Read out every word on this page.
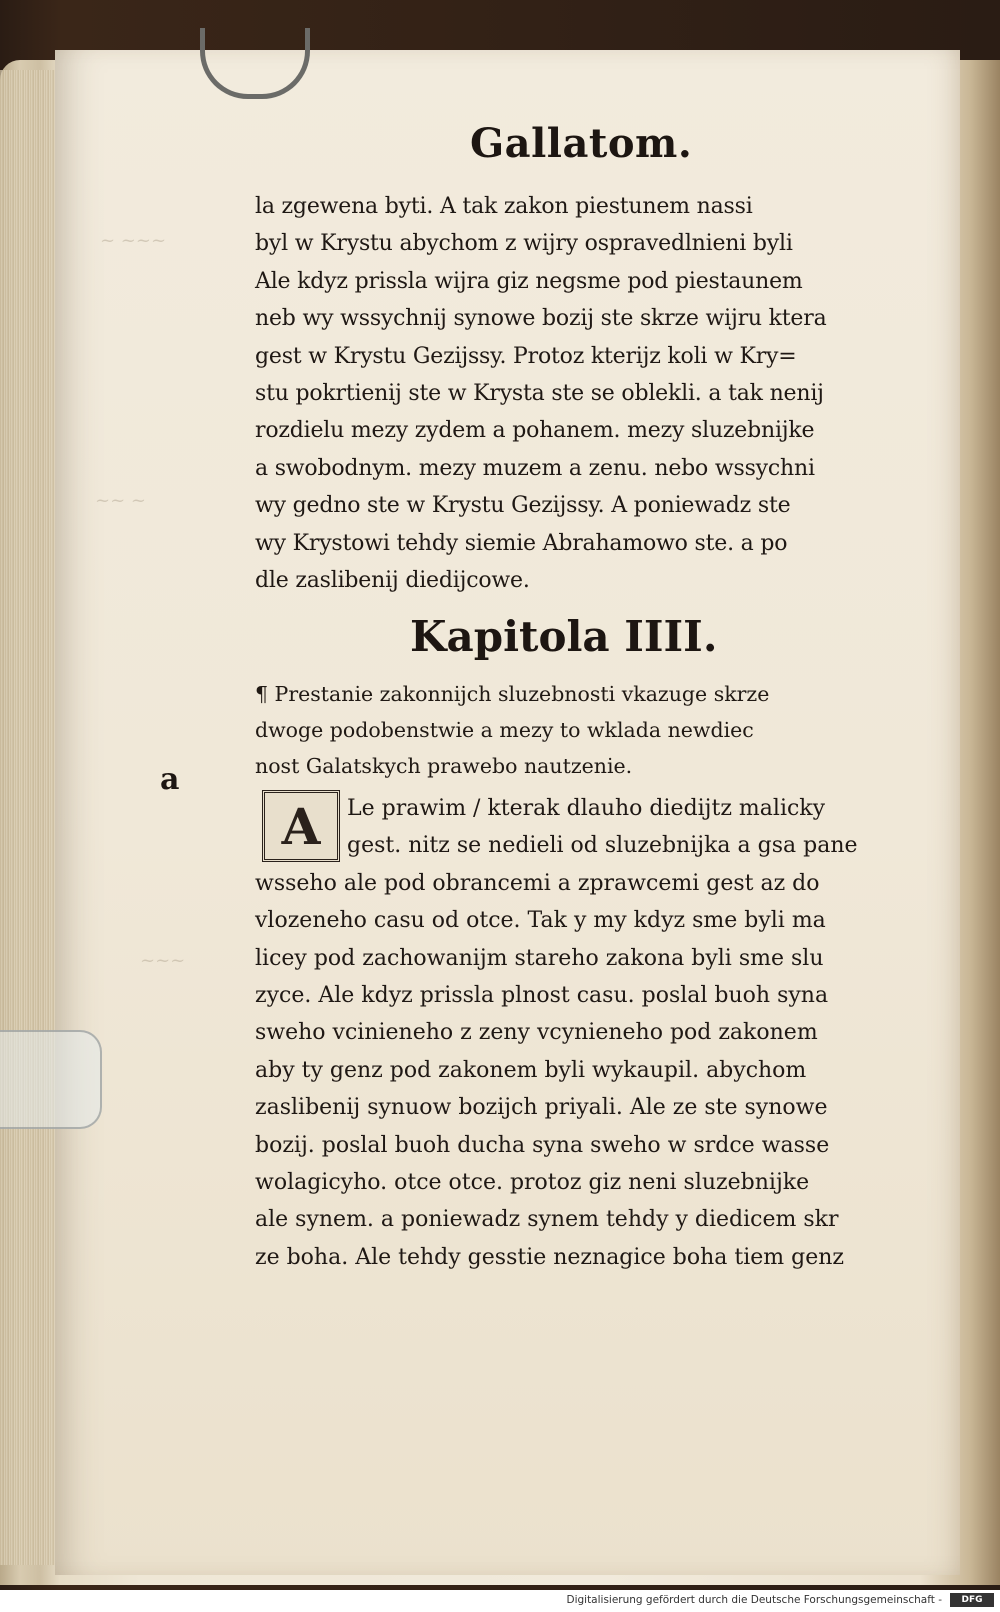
~ ~~~
~~ ~
~~~
Gallatom.
la zgewena byti. A tak zakon piestunem nassi
byl w Krystu abychom z wijry ospravedlnieni byli
Ale kdyz prissla wijra giz negsme pod piestaunem
neb wy wssychnij synowe bozij ste skrze wijru ktera
gest w Krystu Gezijssy. Protoz kterijz koli w Kry=
stu pokrtienij ste w Krysta ste se oblekli. a tak nenij
rozdielu mezy zydem a pohanem. mezy sluzebnijke
a swobodnym. mezy muzem a zenu. nebo wssychni
wy gedno ste w Krystu Gezijssy. A poniewadz ste
wy Krystowi tehdy siemie Abrahamowo ste. a po
dle zaslibenij diedijcowe.
Kapitola IIII.
¶ Prestanie zakonnijch sluzebnosti vkazuge skrze
dwoge podobenstwie a mezy to wklada newdiec
nost Galatskych prawebo nautzenie.
a
A	Le prawim / kterak dlauho diedijtz malicky
gest. nitz se nedieli od sluzebnijka a gsa pane
wsseho ale pod obrancemi a zprawcemi gest az do
vlozeneho casu od otce. Tak y my kdyz sme byli ma
licey pod zachowanijm stareho zakona byli sme slu
zyce. Ale kdyz prissla plnost casu. poslal buoh syna
sweho vcinieneho z zeny vcynieneho pod zakonem
aby ty genz pod zakonem byli wykaupil. abychom
zaslibenij synuow bozijch priyali. Ale ze ste synowe
bozij. poslal buoh ducha syna sweho w srdce wasse
wolagicyho. otce otce. protoz giz neni sluzebnijke
ale synem. a poniewadz synem tehdy y diedicem skr
ze boha. Ale tehdy gesstie neznagice boha tiem genz
Digitalisierung gefördert durch die Deutsche Forschungsgemeinschaft -	DFG
